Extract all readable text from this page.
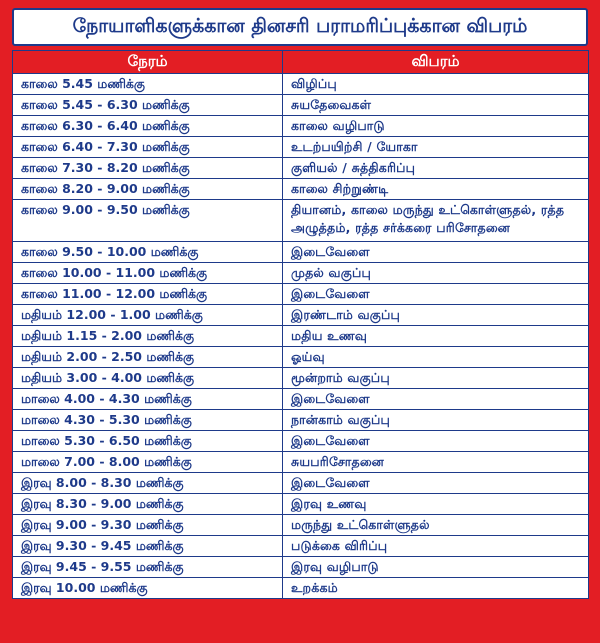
நோயாளிகளுக்கான தினசரி பராமரிப்புக்கான விபரம்
நேரம்	விபரம்
காலை 5.45 மணிக்கு	விழிப்பு
காலை 5.45 - 6.30 மணிக்கு	சுயதேவைகள்
காலை 6.30 - 6.40 மணிக்கு	காலை வழிபாடு
காலை 6.40 - 7.30 மணிக்கு	உடற்பயிற்சி / யோகா
காலை 7.30 - 8.20 மணிக்கு	குளியல் / சுத்திகரிப்பு
காலை 8.20 - 9.00 மணிக்கு	காலை சிற்றுண்டி
காலை 9.00 - 9.50 மணிக்கு	தியானம், காலை மருந்து உட்கொள்ளுதல், ரத்த அழுத்தம், ரத்த சர்க்கரை பரிசோதனை
காலை 9.50 - 10.00 மணிக்கு	இடைவேளை
காலை 10.00 - 11.00 மணிக்கு	முதல் வகுப்பு
காலை 11.00 - 12.00 மணிக்கு	இடைவேளை
மதியம் 12.00 - 1.00 மணிக்கு	இரண்டாம் வகுப்பு
மதியம் 1.15 - 2.00 மணிக்கு	மதிய உணவு
மதியம் 2.00 - 2.50 மணிக்கு	ஓய்வு
மதியம் 3.00 - 4.00 மணிக்கு	மூன்றாம் வகுப்பு
மாலை 4.00 - 4.30 மணிக்கு	இடைவேளை
மாலை 4.30 - 5.30 மணிக்கு	நான்காம் வகுப்பு
மாலை 5.30 - 6.50 மணிக்கு	இடைவேளை
மாலை 7.00 - 8.00 மணிக்கு	சுயபரிசோதனை
இரவு 8.00 - 8.30 மணிக்கு	இடைவேளை
இரவு 8.30 - 9.00 மணிக்கு	இரவு உணவு
இரவு 9.00 - 9.30 மணிக்கு	மருந்து உட்கொள்ளுதல்
இரவு 9.30 - 9.45 மணிக்கு	படுக்கை விரிப்பு
இரவு 9.45 - 9.55 மணிக்கு	இரவு வழிபாடு
இரவு 10.00 மணிக்கு	உறக்கம்
